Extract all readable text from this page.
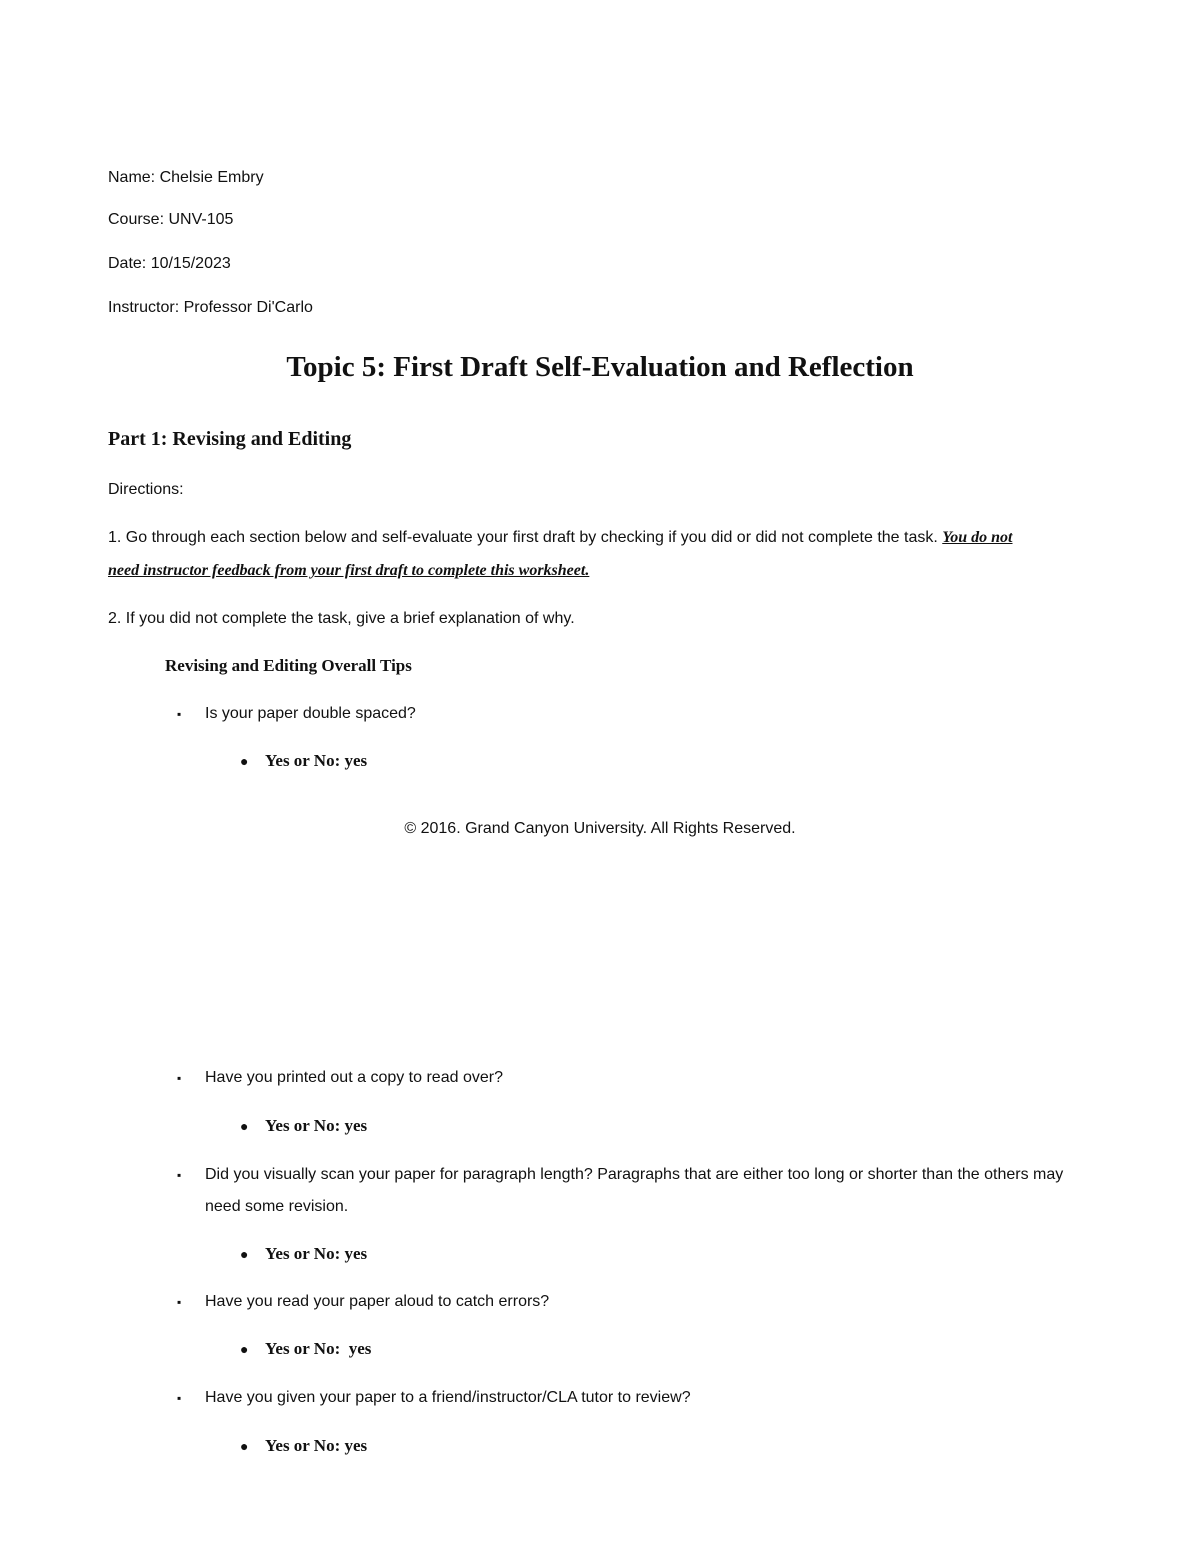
Name: Chelsie Embry
Course: UNV-105
Date: 10/15/2023
Instructor: Professor Di'Carlo
Topic 5: First Draft Self-Evaluation and Reflection
Part 1: Revising and Editing
Directions:
1. Go through each section below and self-evaluate your first draft by checking if you did or did not complete the task. You do not
need instructor feedback from your first draft to complete this worksheet.
2. If you did not complete the task, give a brief explanation of why.
Revising and Editing Overall Tips
▪ Is your paper double spaced?
● Yes or No: yes
© 2016. Grand Canyon University. All Rights Reserved.
▪ Have you printed out a copy to read over?
● Yes or No: yes
▪ Did you visually scan your paper for paragraph length? Paragraphs that are either too long or shorter than the others may
need some revision.
● Yes or No: yes
▪ Have you read your paper aloud to catch errors?
● Yes or No:  yes
▪ Have you given your paper to a friend/instructor/CLA tutor to review?
● Yes or No: yes
